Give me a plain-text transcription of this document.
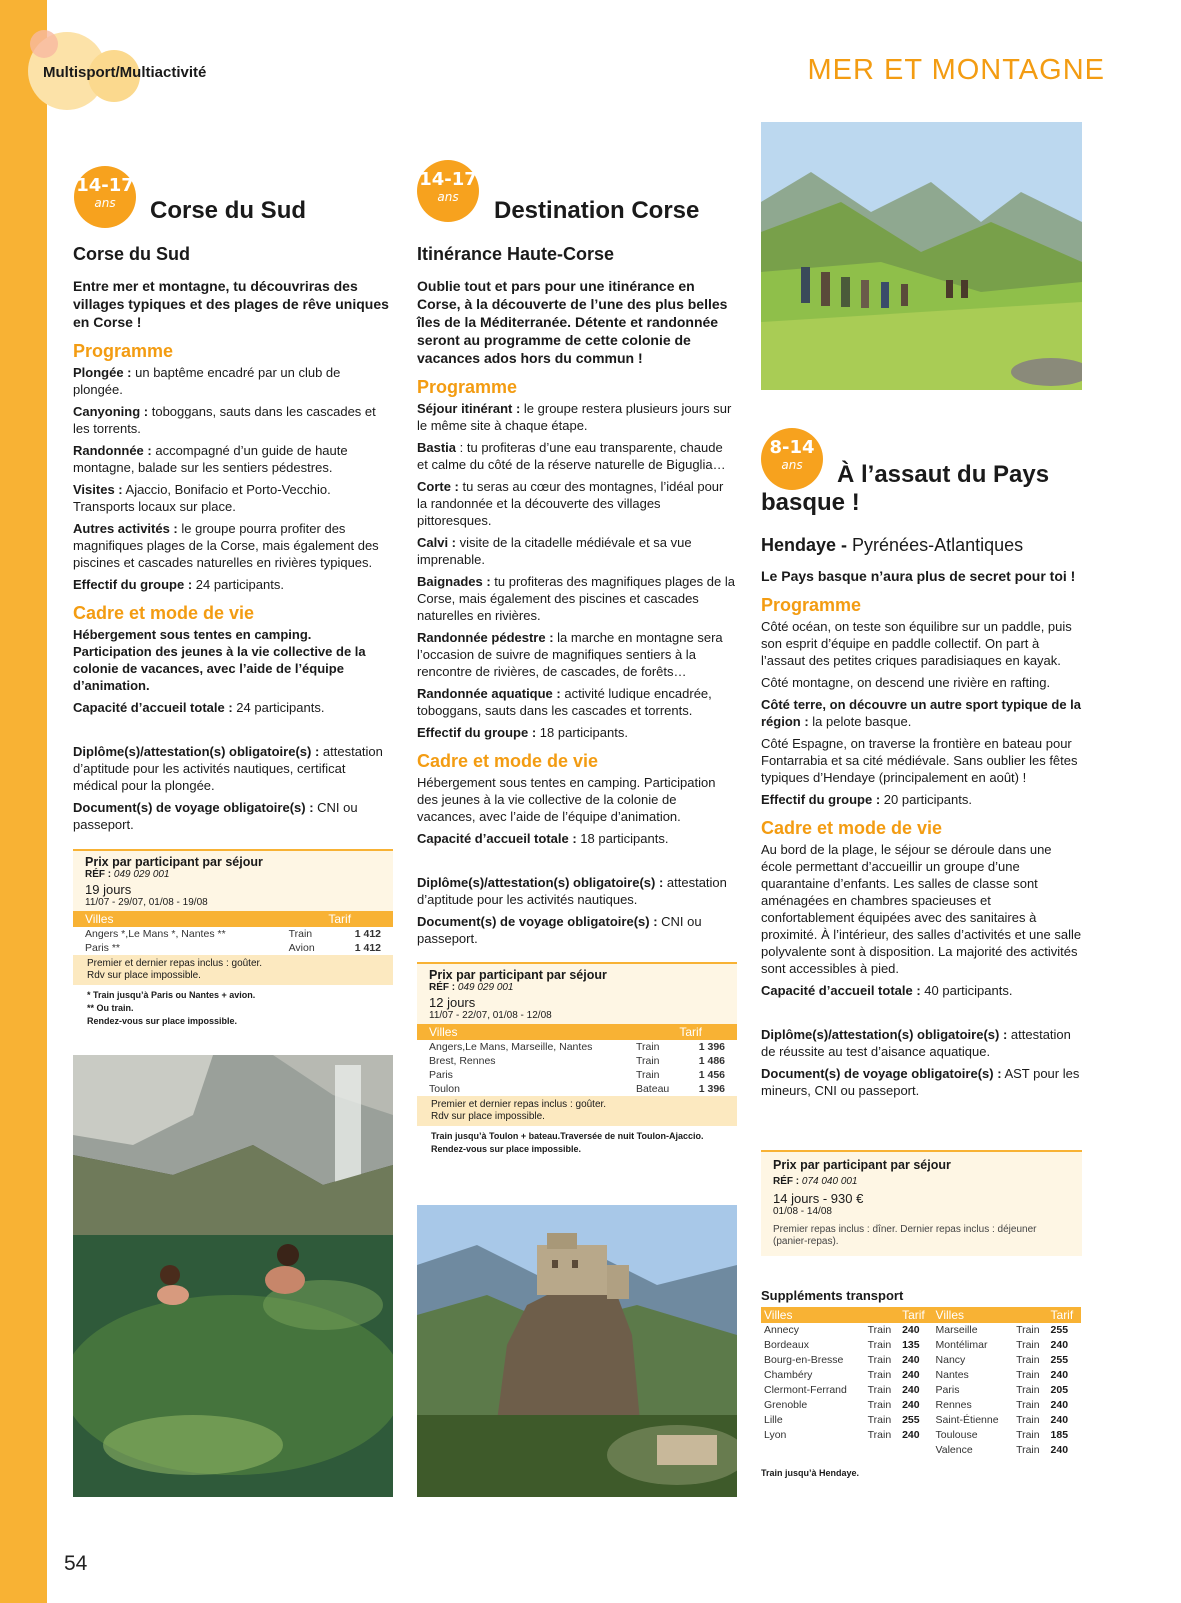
Multisport/Multiactivité	MER ET MONTAGNE
54
14-17
ans	Corse du Sud
Corse du Sud

Entre mer et montagne, tu découvriras des villages typiques et des plages de rêve uniques en Corse !

Programme

Plongée : un baptême encadré par un club de plongée.

Canyoning : toboggans, sauts dans les cascades et les torrents.

Randonnée : accompagné d’un guide de haute montagne, balade sur les sentiers pédestres.

Visites : Ajaccio, Bonifacio et Porto-Vecchio. Transports locaux sur place.

Autres activités : le groupe pourra profiter des magnifiques plages de la Corse, mais également des piscines et cascades naturelles en rivières typiques.

Effectif du groupe : 24 participants.

Cadre et mode de vie

Hébergement sous tentes en camping. Participation des jeunes à la vie collective de la colonie de vacances, avec l’aide de l’équipe d’animation.

Capacité d’accueil totale : 24 participants.

Diplôme(s)/attestation(s) obligatoire(s) : attestation d’aptitude pour les activités nautiques, certificat médical pour la plongée.

Document(s) de voyage obligatoire(s) : CNI ou passeport.

Prix par participant par séjour
RÉF : 049 029 001
19 jours
11/07 - 29/07, 01/08 - 19/08
Villes		Tarif
Angers *,Le Mans *, Nantes **	Train	1 412
Paris **	Avion	1 412
Premier et dernier repas inclus : goûter.
Rdv sur place impossible.
* Train jusqu’à Paris ou Nantes + avion.
** Ou train.
Rendez-vous sur place impossible.
14-17
ans	Destination Corse
Itinérance Haute-Corse

Oublie tout et pars pour une itinérance en Corse, à la découverte de l’une des plus belles îles de la Méditerranée. Détente et randonnée seront au programme de cette colonie de vacances ados hors du commun !

Programme

Séjour itinérant : le groupe restera plusieurs jours sur le même site à chaque étape.

Bastia : tu profiteras d’une eau transparente, chaude et calme du côté de la réserve naturelle de Biguglia…

Corte : tu seras au cœur des montagnes, l’idéal pour la randonnée et la découverte des villages pittoresques.

Calvi : visite de la citadelle médiévale et sa vue imprenable.

Baignades : tu profiteras des magnifiques plages de la Corse, mais également des piscines et cascades naturelles en rivières.

Randonnée pédestre : la marche en montagne sera l’occasion de suivre de magnifiques sentiers à la rencontre de rivières, de cascades, de forêts…

Randonnée aquatique : activité ludique encadrée, toboggans, sauts dans les cascades et torrents.

Effectif du groupe : 18 participants.

Cadre et mode de vie

Hébergement sous tentes en camping. Participation des jeunes à la vie collective de la colonie de vacances, avec l’aide de l’équipe d’animation.

Capacité d’accueil totale : 18 participants.

Diplôme(s)/attestation(s) obligatoire(s) : attestation d’aptitude pour les activités nautiques.

Document(s) de voyage obligatoire(s) : CNI ou passeport.

Prix par participant par séjour
RÉF : 049 029 001
12 jours
11/07 - 22/07, 01/08 - 12/08
Villes		Tarif
Angers,Le Mans, Marseille, Nantes	Train	1 396
Brest, Rennes	Train	1 486
Paris	Train	1 456
Toulon	Bateau	1 396
Premier et dernier repas inclus : goûter.
Rdv sur place impossible.
Train jusqu’à Toulon + bateau.Traversée de nuit Toulon-Ajaccio.
Rendez-vous sur place impossible.
8-14
ans	À l’assaut du Pays
basque !
Hendaye - Pyrénées-Atlantiques

Le Pays basque n’aura plus de secret pour toi !

Programme

Côté océan, on teste son équilibre sur un paddle, puis son esprit d’équipe en paddle collectif. On part à l’assaut des petites criques paradisiaques en kayak.

Côté montagne, on descend une rivière en rafting.

Côté terre, on découvre un autre sport typique de la région : la pelote basque.

Côté Espagne, on traverse la frontière en bateau pour Fontarrabia et sa cité médiévale. Sans oublier les fêtes typiques d’Hendaye (principalement en août) !

Effectif du groupe : 20 participants.

Cadre et mode de vie

Au bord de la plage, le séjour se déroule dans une école permettant d’accueillir un groupe d’une quarantaine d’enfants. Les salles de classe sont aménagées en chambres spacieuses et confortablement équipées avec des sanitaires à proximité. À l’intérieur, des salles d’activités et une salle polyvalente sont à disposition. La majorité des activités sont accessibles à pied.

Capacité d’accueil totale : 40 participants.

Diplôme(s)/attestation(s) obligatoire(s) : attestation de réussite au test d’aisance aquatique.

Document(s) de voyage obligatoire(s) : AST pour les mineurs, CNI ou passeport.

Prix par participant par séjour
RÉF : 074 040 001
14 jours - 930 €
01/08 - 14/08
Premier repas inclus : dîner. Dernier repas inclus : déjeuner (panier-repas).
Suppléments transport
Villes		Tarif	Villes		Tarif
Annecy	Train	240	Marseille	Train	255
Bordeaux	Train	135	Montélimar	Train	240
Bourg-en-Bresse	Train	240	Nancy	Train	255
Chambéry	Train	240	Nantes	Train	240
Clermont-Ferrand	Train	240	Paris	Train	205
Grenoble	Train	240	Rennes	Train	240
Lille	Train	255	Saint-Étienne	Train	240
Lyon	Train	240	Toulouse	Train	185
			Valence	Train	240
Train jusqu’à Hendaye.
